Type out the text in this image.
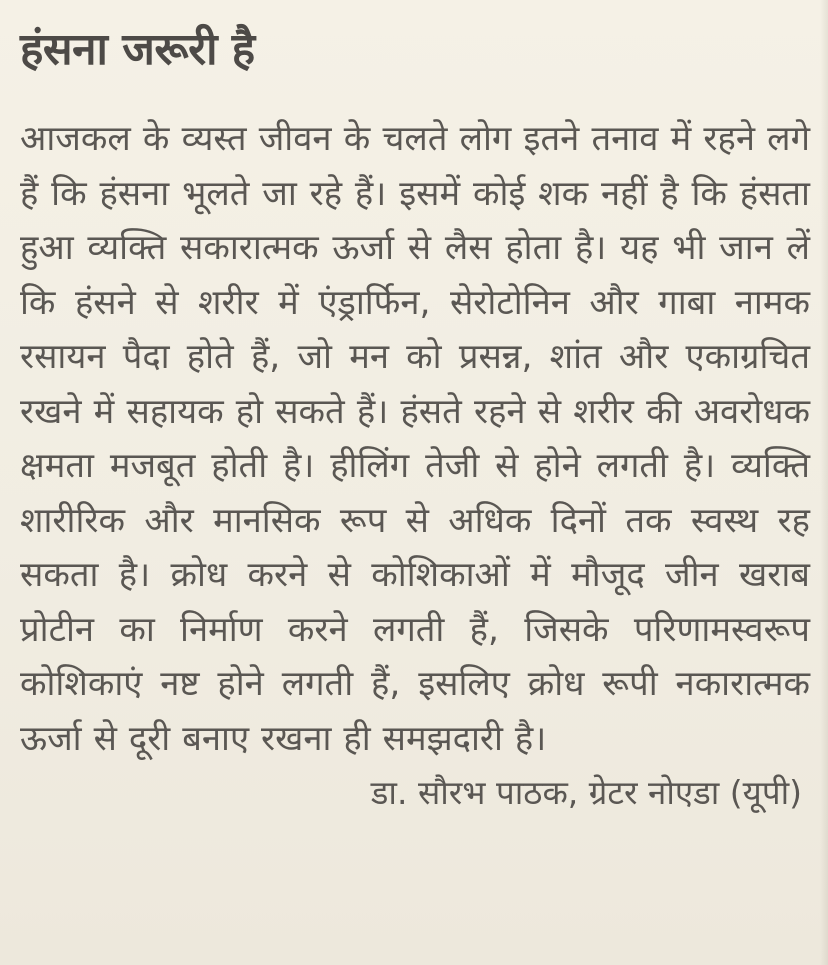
हंसना जरूरी है

आजकल के व्यस्त जीवन के चलते लोग इतने तनाव में रहने लगे हैं कि हंसना भूलते जा रहे हैं। इसमें कोई शक नहीं है कि हंसता हुआ व्यक्ति सकारात्मक ऊर्जा से लैस होता है। यह भी जान लें कि हंसने से शरीर में एंड्रार्फिन, सेरोटोनिन और गाबा नामक रसायन पैदा होते हैं, जो मन को प्रसन्न, शांत और एकाग्रचित रखने में सहायक हो सकते हैं। हंसते रहने से शरीर की अवरोधक क्षमता मजबूत होती है। हीलिंग तेजी से होने लगती है। व्यक्ति शारीरिक और मानसिक रूप से अधिक दिनों तक स्वस्थ रह सकता है। क्रोध करने से कोशिकाओं में मौजूद जीन खराब प्रोटीन का निर्माण करने लगती हैं, जिसके परिणामस्वरूप कोशिकाएं नष्ट होने लगती हैं, इसलिए क्रोध रूपी नकारात्मक ऊर्जा से दूरी बनाए रखना ही समझदारी है।

डा. सौरभ पाठक, ग्रेटर नोएडा (यूपी)
